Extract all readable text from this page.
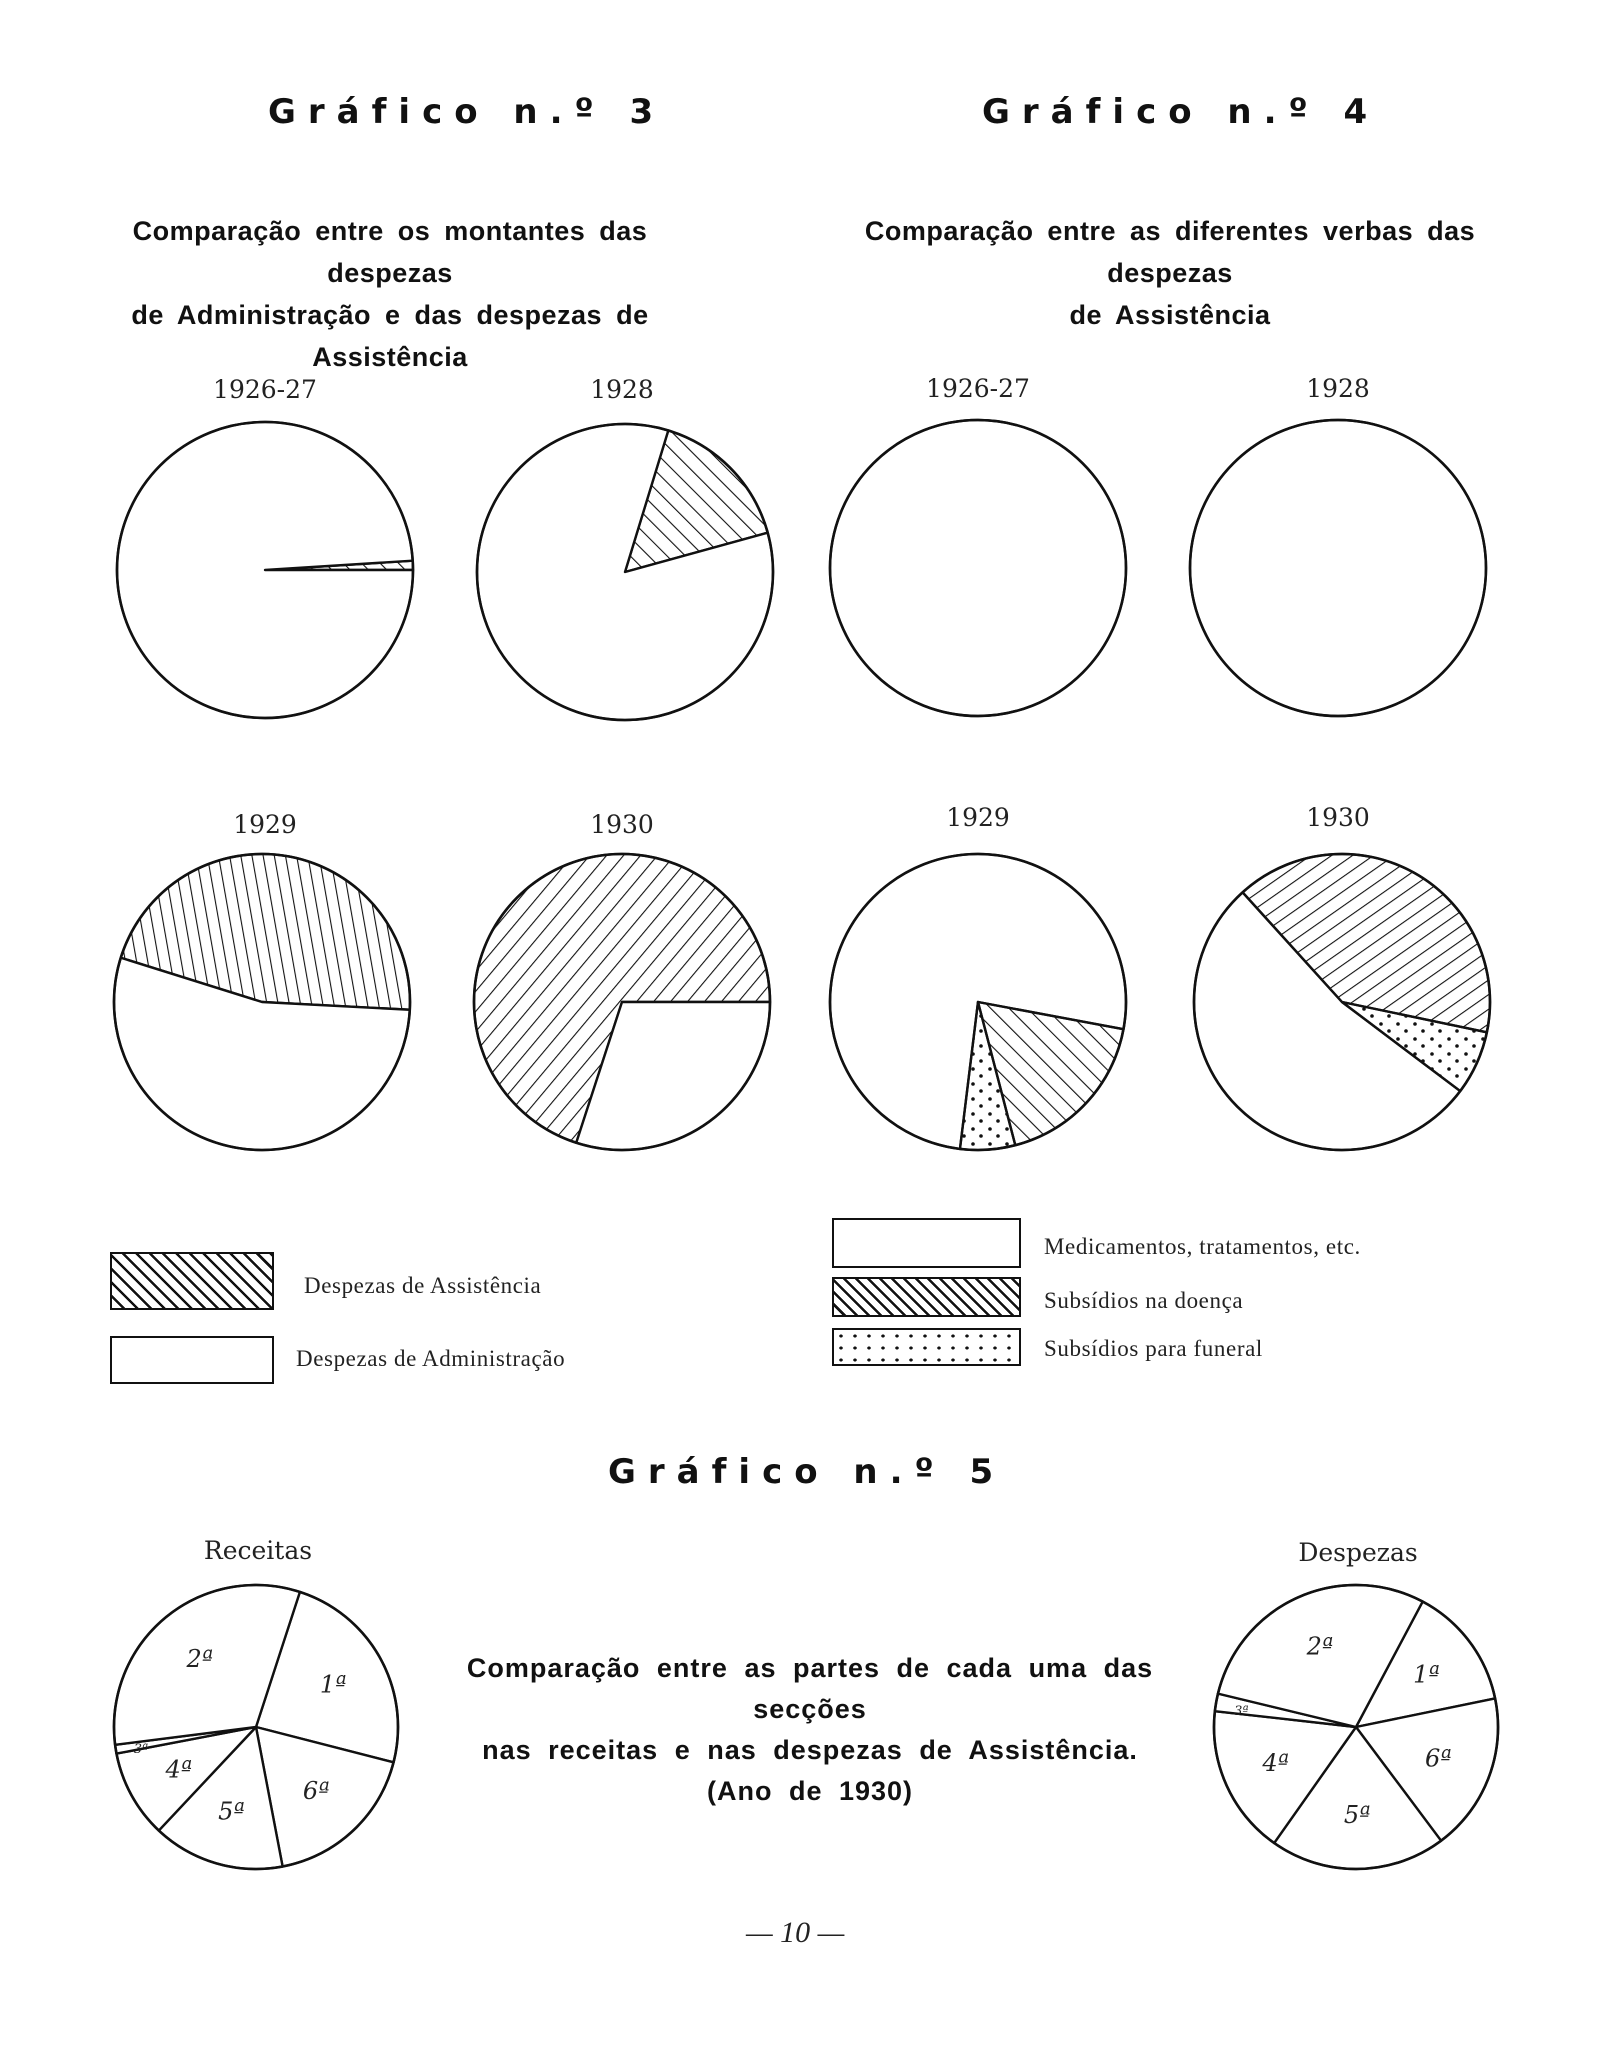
Gráfico n.º 3	Gráfico n.º 4
Gráfico n.º 5
Comparação entre os montantes das despezas
de Administração e das despezas de Assistência
Comparação entre as diferentes verbas das despezas
de Assistência
1926-27	1928
1929	1930
1926-27	1928
1929	1930
Receitas	Despezas
1ª
6ª
5ª
4ª
3ª
2ª
1ª
6ª
5ª
4ª
3ª
2ª
Despezas de Assistência
Despezas de Administração
Medicamentos, tratamentos, etc.
Subsídios na doença
Subsídios para funeral
Comparação entre as partes de cada uma das secções
nas receitas e nas despezas de Assistência.
(Ano de 1930)
— 10 —
